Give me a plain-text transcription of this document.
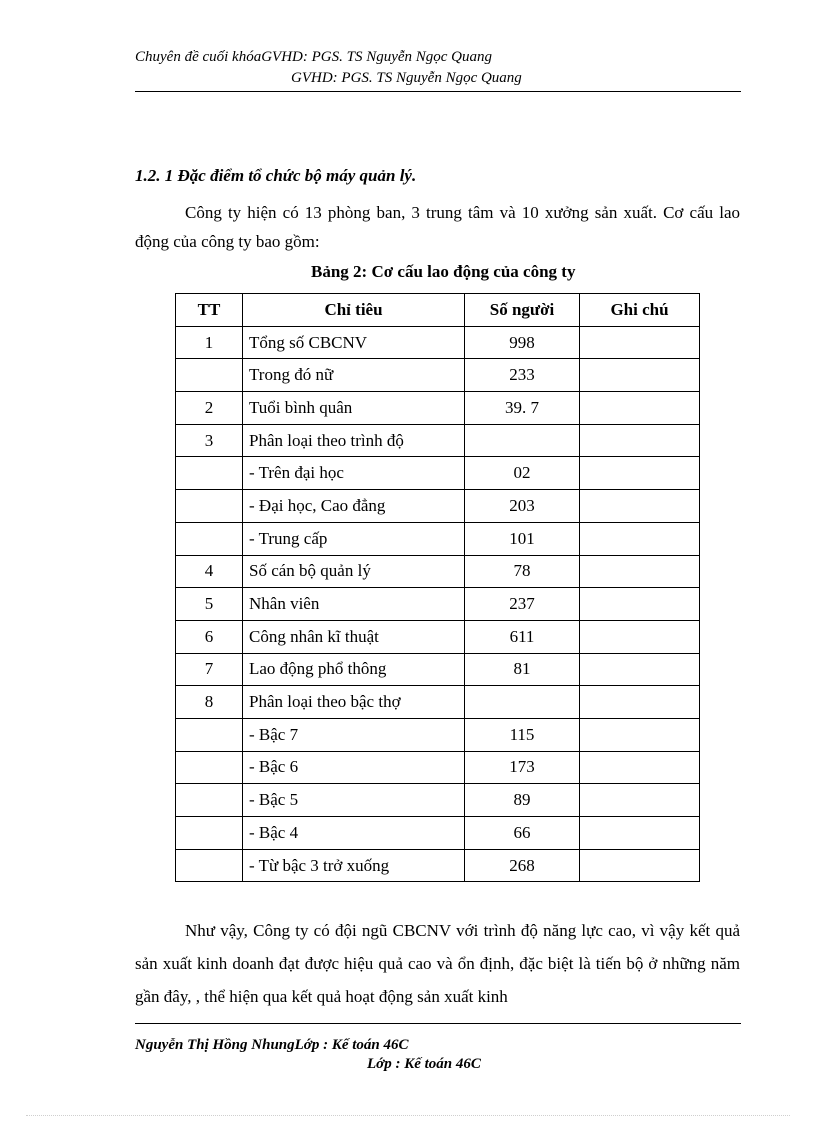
Chuyên đề cuối khóaGVHD: PGS. TS Nguyễn Ngọc Quang
GVHD: PGS. TS Nguyễn Ngọc Quang
1.2. 1 Đặc điểm tổ chức bộ máy quản lý.

Công ty hiện có 13 phòng ban, 3 trung tâm và 10 xưởng sản xuất. Cơ cấu lao động của công ty bao gồm:

Bảng 2: Cơ cấu lao động của công ty
TT	Chỉ tiêu	Số người	Ghi chú
1	Tổng số CBCNV	998	
	Trong đó nữ	233	
2	Tuổi bình quân	39. 7	
3	Phân loại theo trình độ		
	- Trên đại học	02	
	- Đại học, Cao đẳng	203	
	- Trung cấp	101	
4	Số cán bộ quản lý	78	
5	Nhân viên	237	
6	Công nhân kĩ thuật	611	
7	Lao động phổ thông	81	
8	Phân loại theo bậc thợ		
	- Bậc 7	115	
	- Bậc 6	173	
	- Bậc 5	89	
	- Bậc 4	66	
	- Từ bậc 3 trở xuống	268	

Như vậy, Công ty có đội ngũ CBCNV với trình độ năng lực cao, vì vậy kết quả sản xuất kinh doanh đạt được hiệu quả cao và ổn định, đặc biệt là tiến bộ ở những năm gần đây, , thể hiện qua kết quả hoạt động sản xuất kinh

Nguyễn Thị Hồng NhungLớp : Kế toán 46C
Lớp : Kế toán 46C
